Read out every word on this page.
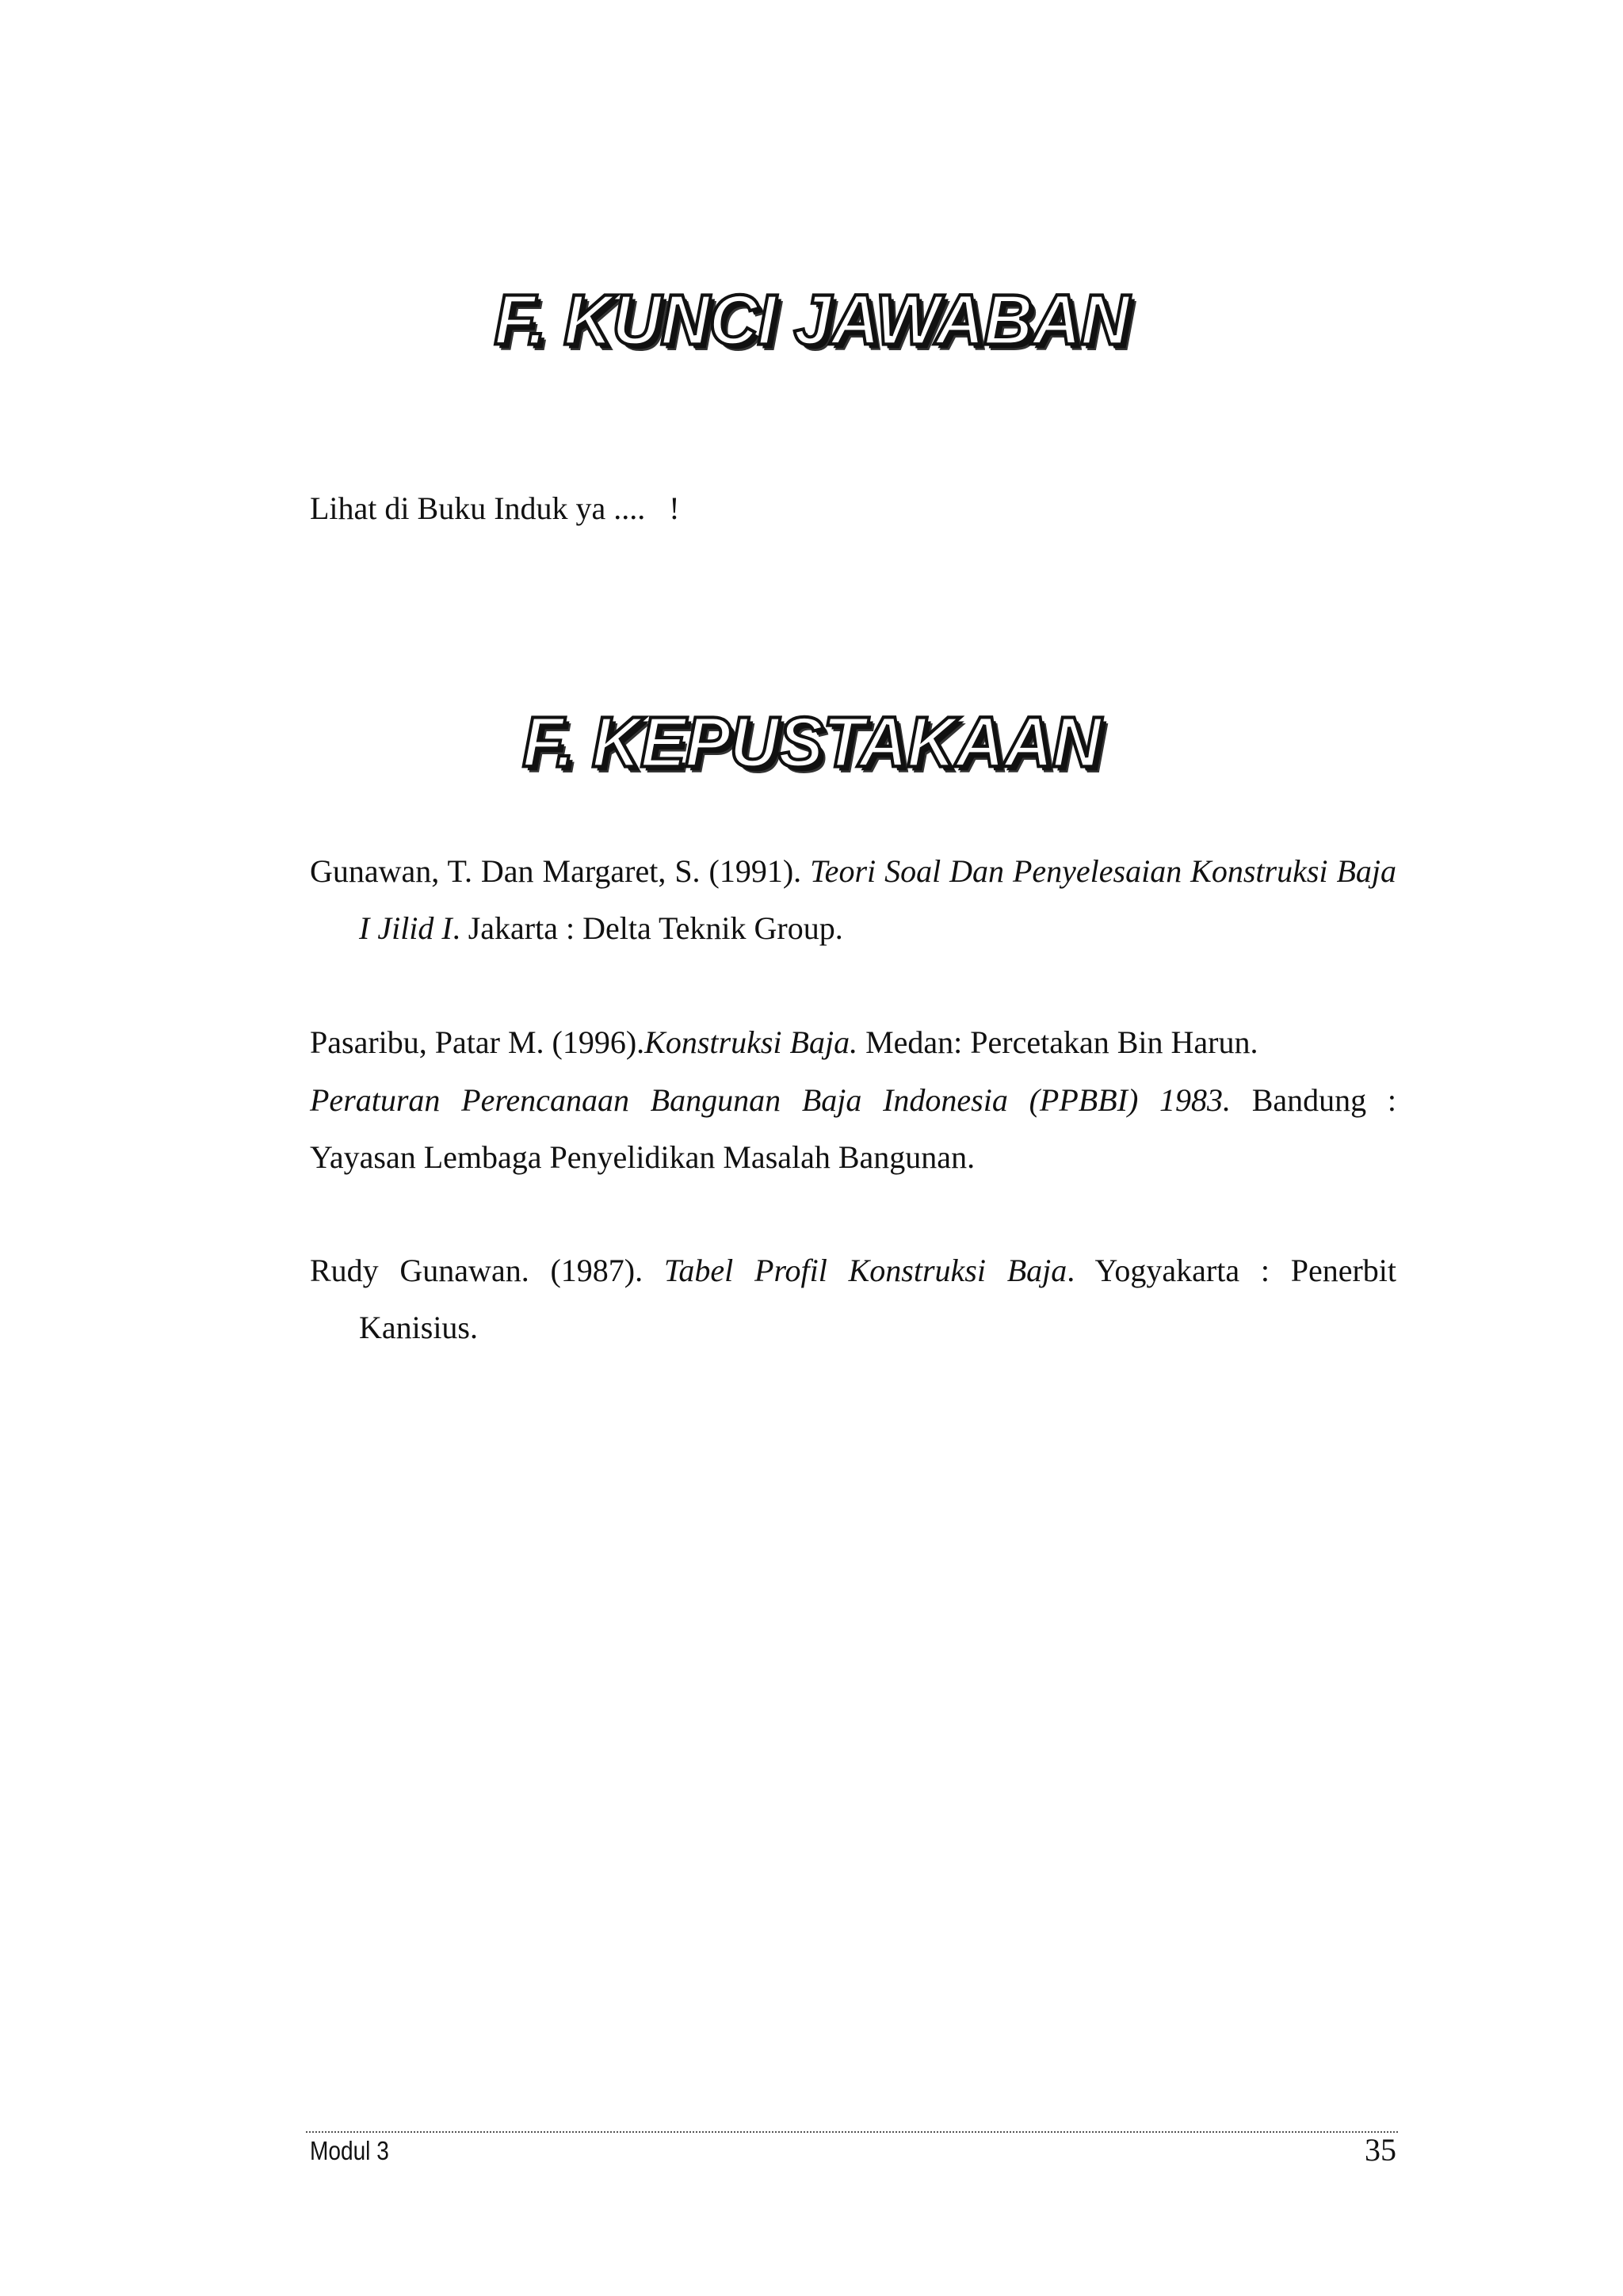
F. KUNCI JAWABAN
Lihat di Buku Induk ya ....   !
F. KEPUSTAKAAN
Gunawan, T. Dan Margaret, S. (1991). Teori Soal Dan Penyelesaian Konstruksi Baja I Jilid I. Jakarta : Delta Teknik Group.
Pasaribu, Patar M. (1996).Konstruksi Baja. Medan: Percetakan Bin Harun.
Peraturan Perencanaan Bangunan Baja Indonesia (PPBBI) 1983. Bandung : Yayasan Lembaga Penyelidikan Masalah Bangunan.
Rudy Gunawan. (1987). Tabel Profil Konstruksi Baja. Yogyakarta : Penerbit Kanisius.
Modul 3	35
